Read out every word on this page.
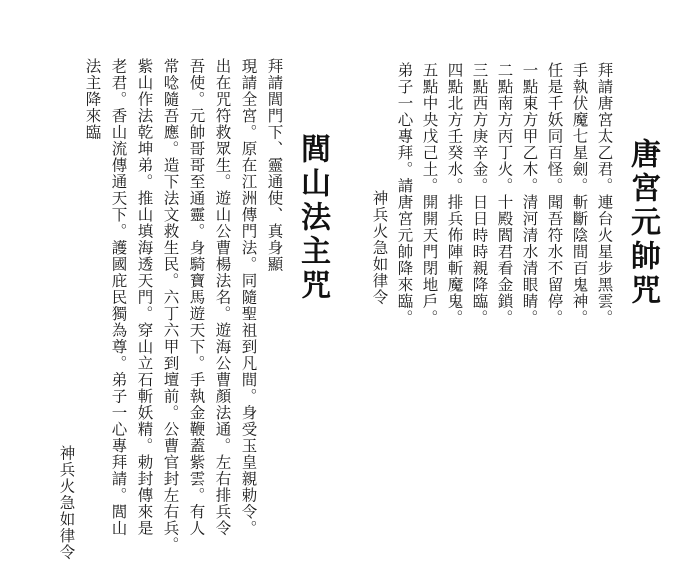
唐宮元帥咒
拜請唐宮太乙君。連台火星步黑雲。
手執伏魔七星劍。斬斷陰間百鬼神。
任是千妖同百怪。聞吾符水不留停。
一點東方甲乙木。清河清水清眼睛。
二點南方丙丁火。十殿閻君看金鎖。
三點西方庚辛金。日日時時親降臨。
四點北方壬癸水。排兵佈陣斬魔鬼。
五點中央戊己土。開開天門閉地戶。
弟子一心專拜。請唐宮元帥降來臨。
神兵火急如律令
閭山法主咒
拜請閭門下、靈通使、真身顯
現請全宮。原在江洲傳門法。同隨聖祖到凡間。身受玉皇親勅令。
出在咒符救眾生。遊山公曹楊法名。遊海公曹顏法通。左右排兵令
吾使。元帥哥哥至通靈。身騎寶馬遊天下。手執金鞭蓋紫雲。有人
常唸隨吾應。造下法文救生民。六丁六甲到壇前。公曹官封左右兵。
紫山作法乾坤弟。推山填海透天門。穿山立石斬妖精。勅封傳來是
老君。香山流傳通天下。護國庇民獨為尊。弟子一心專拜請。閭山
法主降來臨
神兵火急如律令
